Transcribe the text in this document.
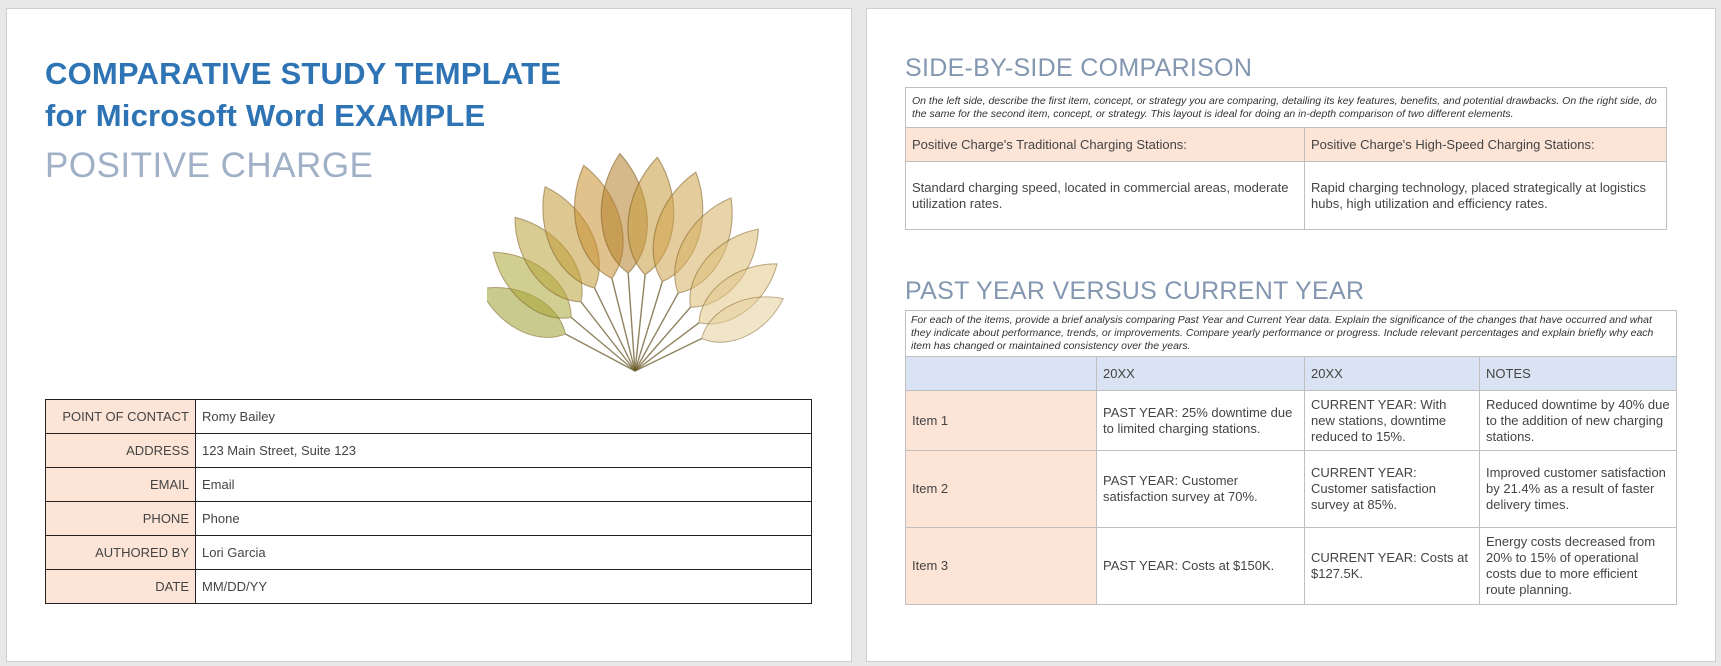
COMPARATIVE STUDY TEMPLATE
for Microsoft Word EXAMPLE
POSITIVE CHARGE
POINT OF CONTACT	Romy Bailey
ADDRESS	123 Main Street, Suite 123
EMAIL	Email
PHONE	Phone
AUTHORED BY	Lori Garcia
DATE	MM/DD/YY
SIDE-BY-SIDE COMPARISON
On the left side, describe the first item, concept, or strategy you are comparing, detailing its key features, benefits, and potential drawbacks. On the right side, do the same for the second item, concept, or strategy. This layout is ideal for doing an in-depth comparison of two different elements.	
Positive Charge's Traditional Charging Stations:	Positive Charge's High-Speed Charging Stations:
Standard charging speed, located in commercial areas, moderate utilization rates.	Rapid charging technology, placed strategically at logistics hubs, high utilization and efficiency rates.
PAST YEAR VERSUS CURRENT YEAR
For each of the items, provide a brief analysis comparing Past Year and Current Year data. Explain the significance of the changes that have occurred and what they indicate about performance, trends, or improvements. Compare yearly performance or progress. Include relevant percentages and explain briefly why each item has changed or maintained consistency over the years.			
	20XX	20XX	NOTES
Item 1	PAST YEAR: 25% downtime due to limited charging stations.	CURRENT YEAR: With new stations, downtime reduced to 15%.	Reduced downtime by 40% due to the addition of new charging stations.
Item 2	PAST YEAR: Customer satisfaction survey at 70%.	CURRENT YEAR: Customer satisfaction survey at 85%.	Improved customer satisfaction by 21.4% as a result of faster delivery times.
Item 3	PAST YEAR: Costs at $150K.	CURRENT YEAR: Costs at $127.5K.	Energy costs decreased from 20% to 15% of operational costs due to more efficient route planning.
